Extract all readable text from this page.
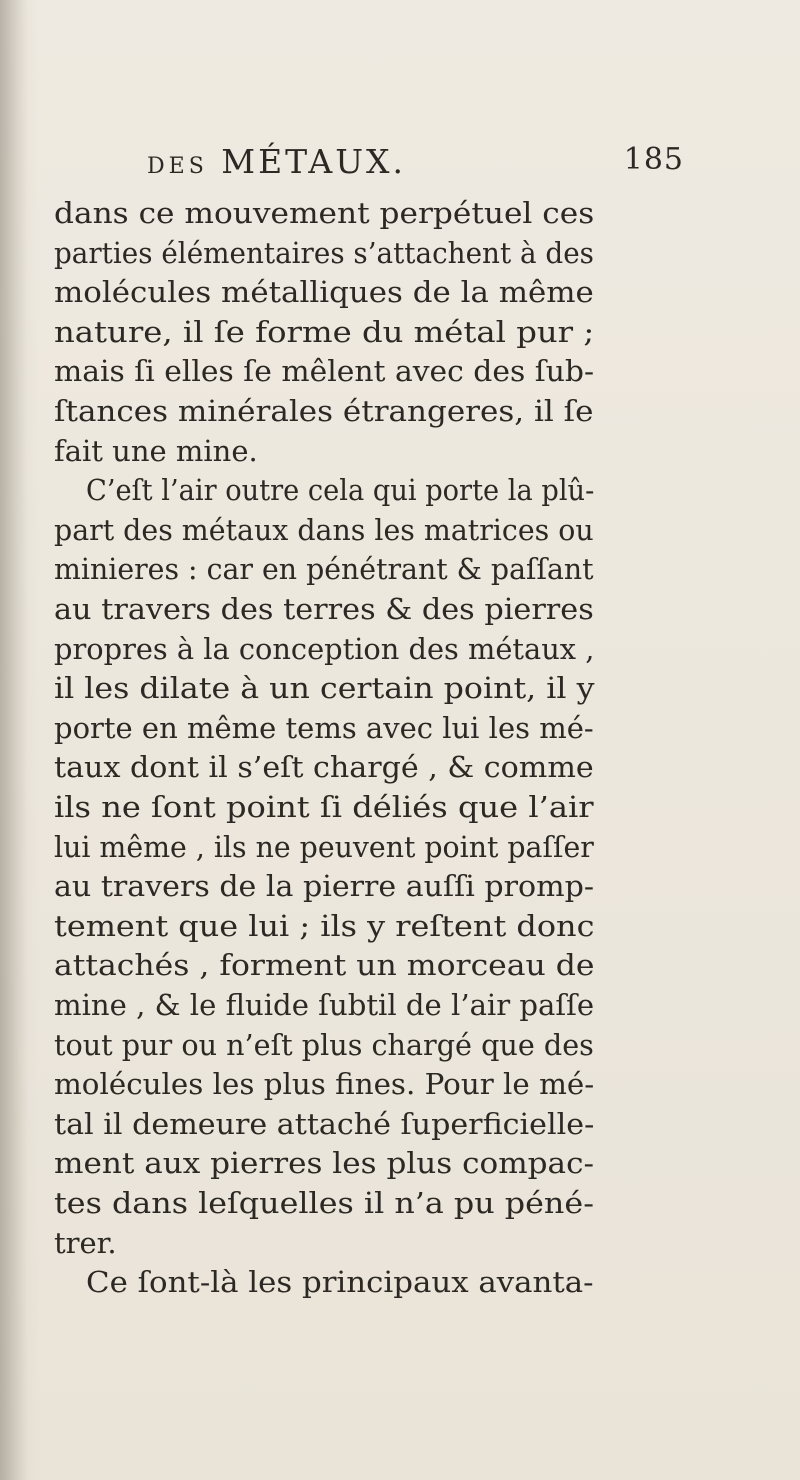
DES MÉTAUX.	185
dans ce mouvement perpétuel ces
parties élémentaires s’attachent à des
molécules métalliques de la même
nature, il ſe forme du métal pur ;
mais ſi elles ſe mêlent avec des ſub-
ſtances minérales étrangeres, il ſe
fait une mine.
C’eſt l’air outre cela qui porte la plû-
part des métaux dans les matrices ou
minieres : car en pénétrant & paſſant
au travers des terres & des pierres
propres à la conception des métaux ,
il les dilate à un certain point, il y
porte en même tems avec lui les mé-
taux dont il s’eſt chargé , & comme
ils ne ſont point ſi déliés que l’air
lui même , ils ne peuvent point paſſer
au travers de la pierre auſſi promp-
tement que lui ; ils y reſtent donc
attachés , forment un morceau de
mine , & le fluide ſubtil de l’air paſſe
tout pur ou n’eſt plus chargé que des
molécules les plus fines. Pour le mé-
tal il demeure attaché ſuperficielle-
ment aux pierres les plus compac-
tes dans leſquelles il n’a pu péné-
trer.
Ce ſont-là les principaux avanta-
